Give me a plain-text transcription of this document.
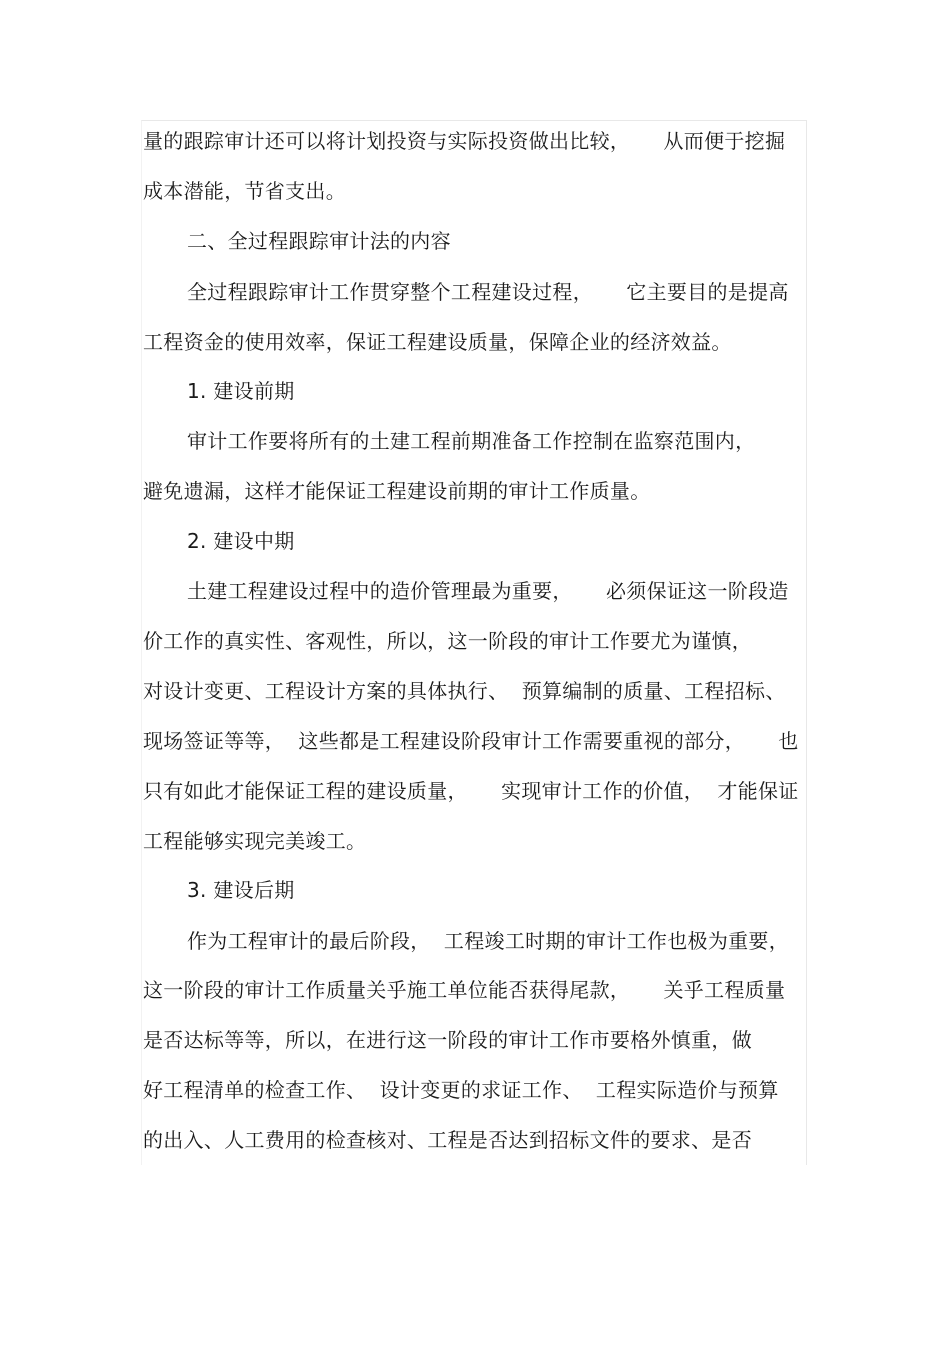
量的跟踪审计还可以将计划投资与实际投资做出比较，     从而便于挖掘

成本潜能，节省支出。

二、全过程跟踪审计法的内容

全过程跟踪审计工作贯穿整个工程建设过程，     它主要目的是提高

工程资金的使用效率，保证工程建设质量，保障企业的经济效益。

1. 建设前期

审计工作要将所有的土建工程前期准备工作控制在监察范围内，

避免遗漏，这样才能保证工程建设前期的审计工作质量。

2. 建设中期

土建工程建设过程中的造价管理最为重要，     必须保证这一阶段造

价工作的真实性、客观性，所以，这一阶段的审计工作要尤为谨慎，

对设计变更、工程设计方案的具体执行、  预算编制的质量、工程招标、

现场签证等等，  这些都是工程建设阶段审计工作需要重视的部分，     也

只有如此才能保证工程的建设质量，     实现审计工作的价值，  才能保证

工程能够实现完美竣工。

3. 建设后期

作为工程审计的最后阶段，  工程竣工时期的审计工作也极为重要，

这一阶段的审计工作质量关乎施工单位能否获得尾款，     关乎工程质量

是否达标等等，所以，在进行这一阶段的审计工作市要格外慎重，做

好工程清单的检查工作、  设计变更的求证工作、  工程实际造价与预算

的出入、人工费用的检查核对、工程是否达到招标文件的要求、是否
